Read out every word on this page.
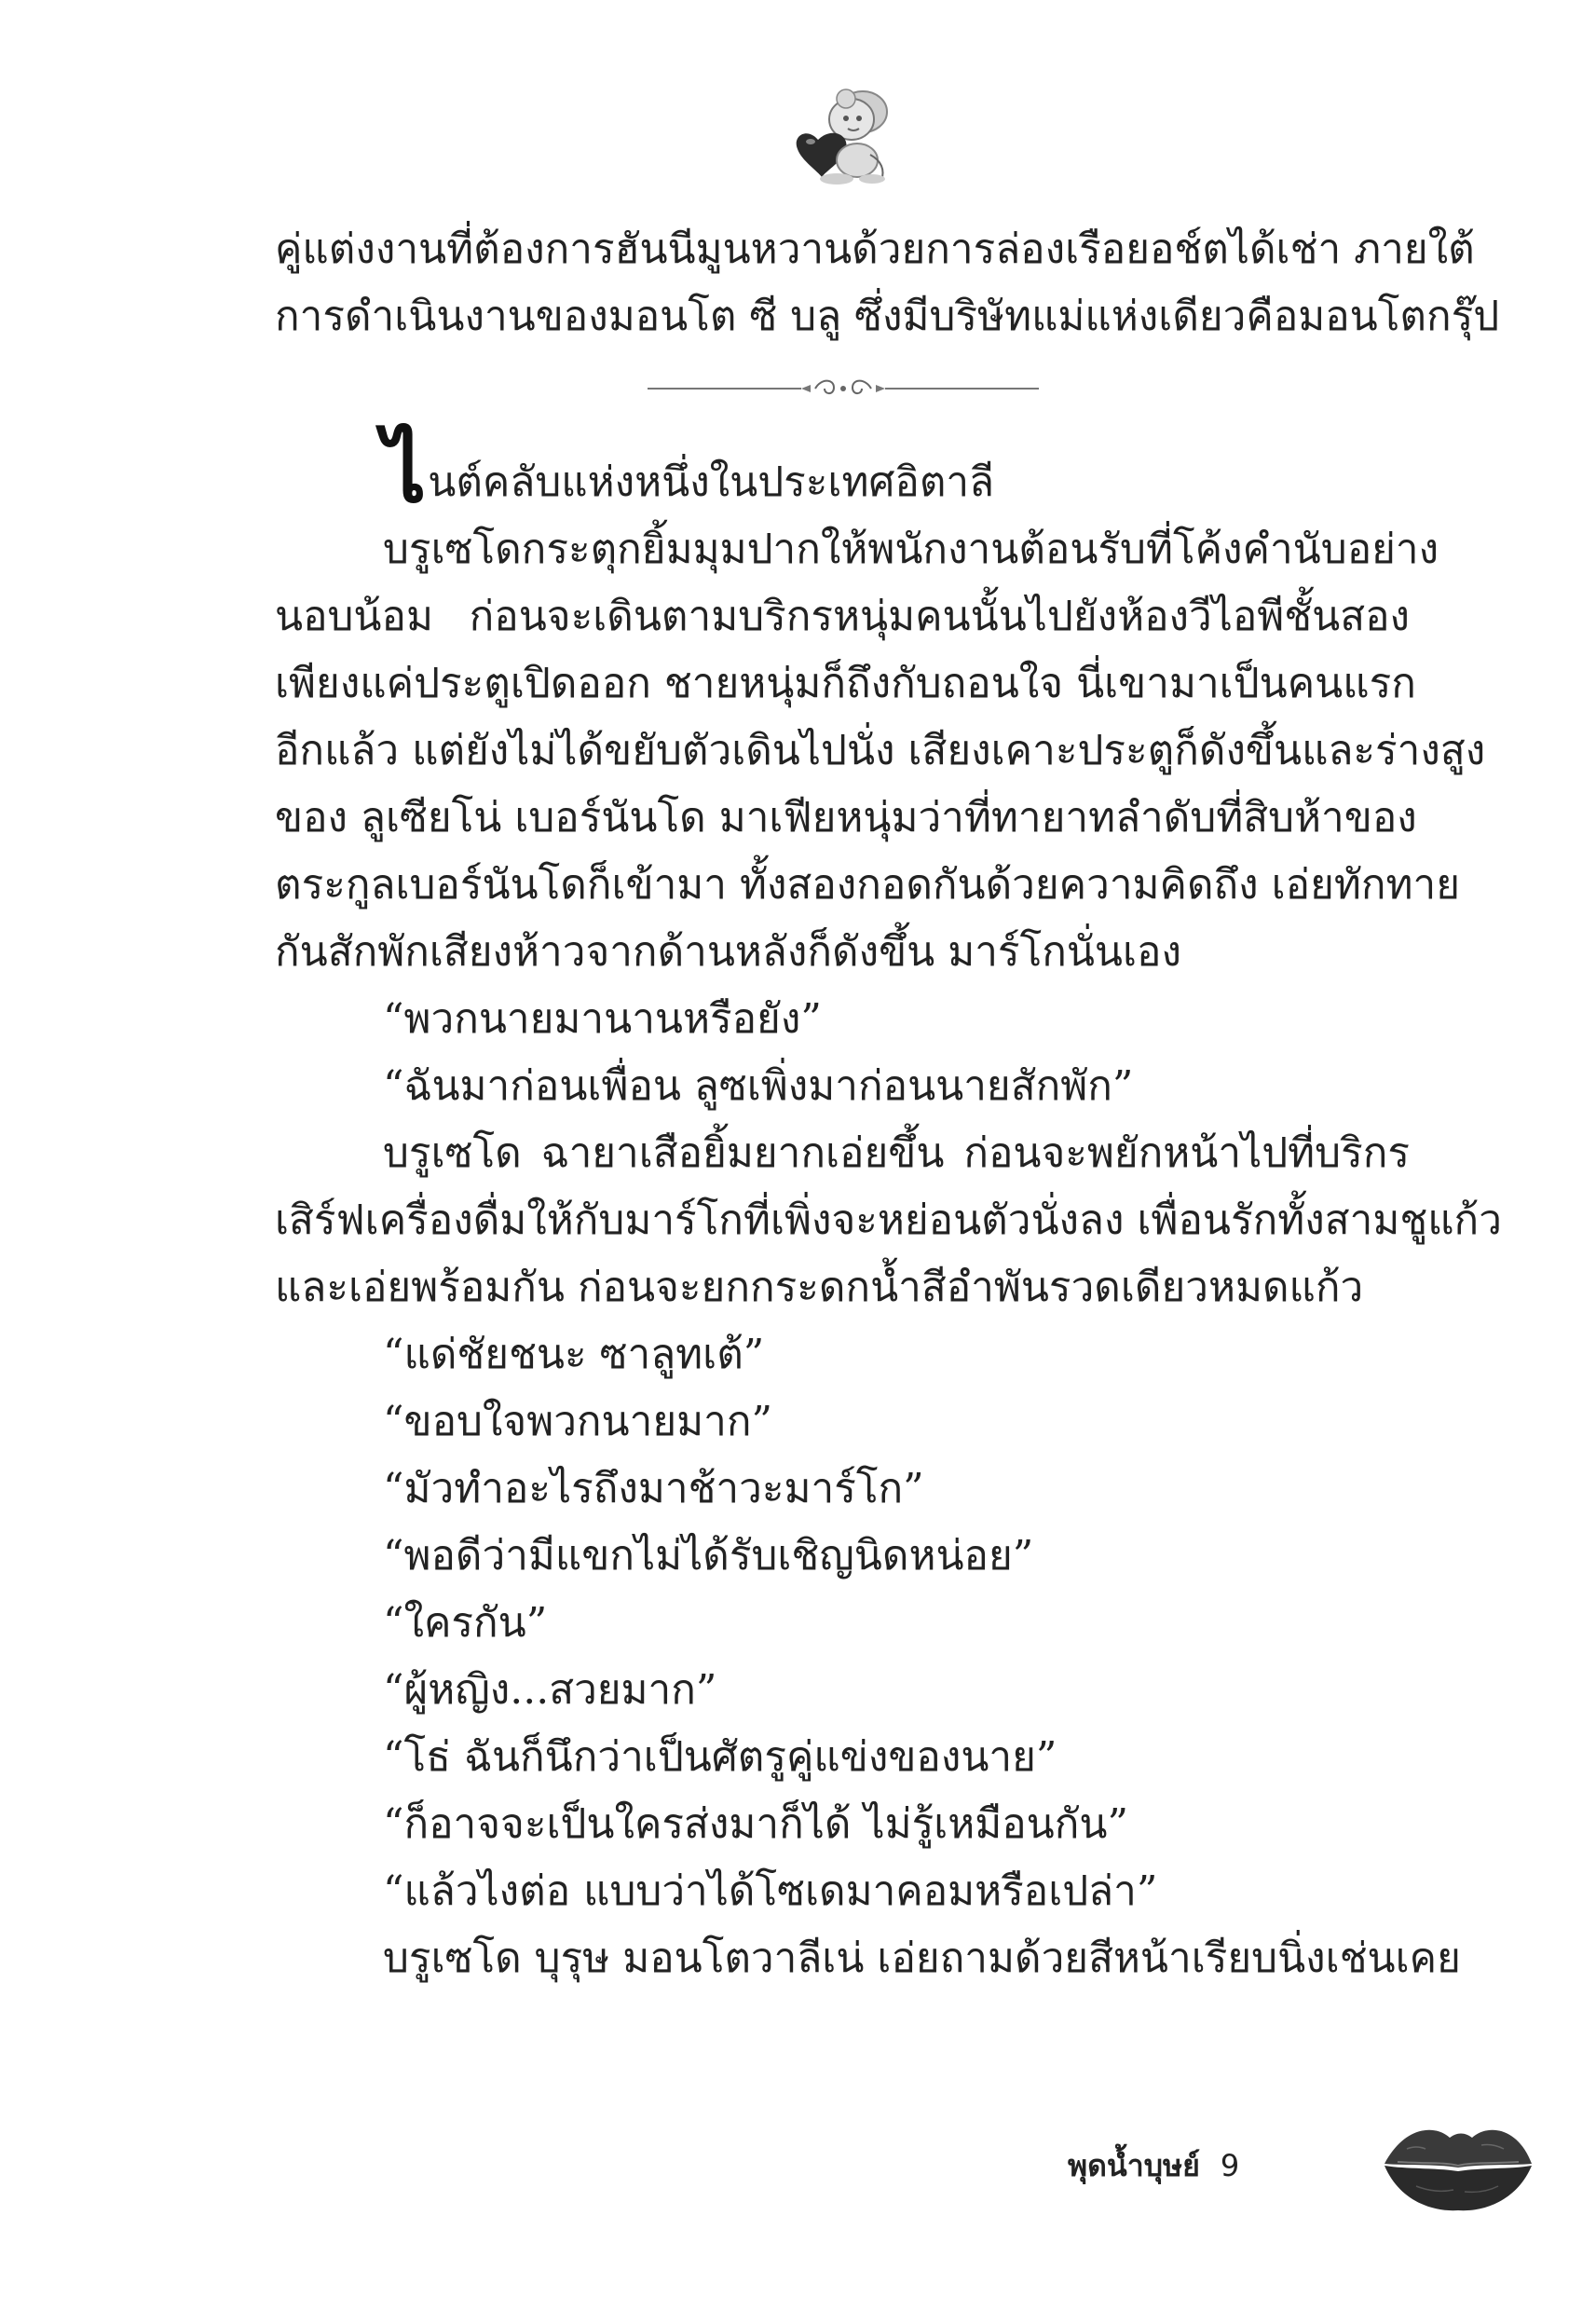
คู่แต่งงานที่ต้องการฮันนีมูนหวานด้วยการล่องเรือยอช์ตได้เช่า ภายใต้
การดำเนินงานของมอนโต ซี บลู ซึ่งมีบริษัทแม่แห่งเดียวคือมอนโตกรุ๊ป
ไนต์คลับแห่งหนึ่งในประเทศอิตาลี
บรูเซโดกระตุกยิ้มมุมปากให้พนักงานต้อนรับที่โค้งคำนับอย่าง
นอบน้อม ก่อนจะเดินตามบริกรหนุ่มคนนั้นไปยังห้องวีไอพีชั้นสอง
เพียงแค่ประตูเปิดออก ชายหนุ่มก็ถึงกับถอนใจ นี่เขามาเป็นคนแรก
อีกแล้ว แต่ยังไม่ได้ขยับตัวเดินไปนั่ง เสียงเคาะประตูก็ดังขึ้นและร่างสูง
ของ ลูเซียโน่ เบอร์นันโด มาเฟียหนุ่มว่าที่ทายาทลำดับที่สิบห้าของ
ตระกูลเบอร์นันโดก็เข้ามา ทั้งสองกอดกันด้วยความคิดถึง เอ่ยทักทาย
กันสักพักเสียงห้าวจากด้านหลังก็ดังขึ้น มาร์โกนั่นเอง
“พวกนายมานานหรือยัง”
“ฉันมาก่อนเพื่อน ลูซเพิ่งมาก่อนนายสักพัก”
บรูเซโด ฉายาเสือยิ้มยากเอ่ยขึ้น ก่อนจะพยักหน้าไปที่บริกร
เสิร์ฟเครื่องดื่มให้กับมาร์โกที่เพิ่งจะหย่อนตัวนั่งลง เพื่อนรักทั้งสามชูแก้ว
และเอ่ยพร้อมกัน ก่อนจะยกกระดกน้ำสีอำพันรวดเดียวหมดแก้ว
“แด่ชัยชนะ ซาลูทเต้”
“ขอบใจพวกนายมาก”
“มัวทำอะไรถึงมาช้าวะมาร์โก”
“พอดีว่ามีแขกไม่ได้รับเชิญนิดหน่อย”
“ใครกัน”
“ผู้หญิง...สวยมาก”
“โธ่ ฉันก็นึกว่าเป็นศัตรูคู่แข่งของนาย”
“ก็อาจจะเป็นใครส่งมาก็ได้ ไม่รู้เหมือนกัน”
“แล้วไงต่อ แบบว่าได้โซเดมาคอมหรือเปล่า”
บรูเซโด บุรุษ มอนโตวาลีเน่ เอ่ยถามด้วยสีหน้าเรียบนิ่งเช่นเคย
พุดน้ำบุษย์ 9
